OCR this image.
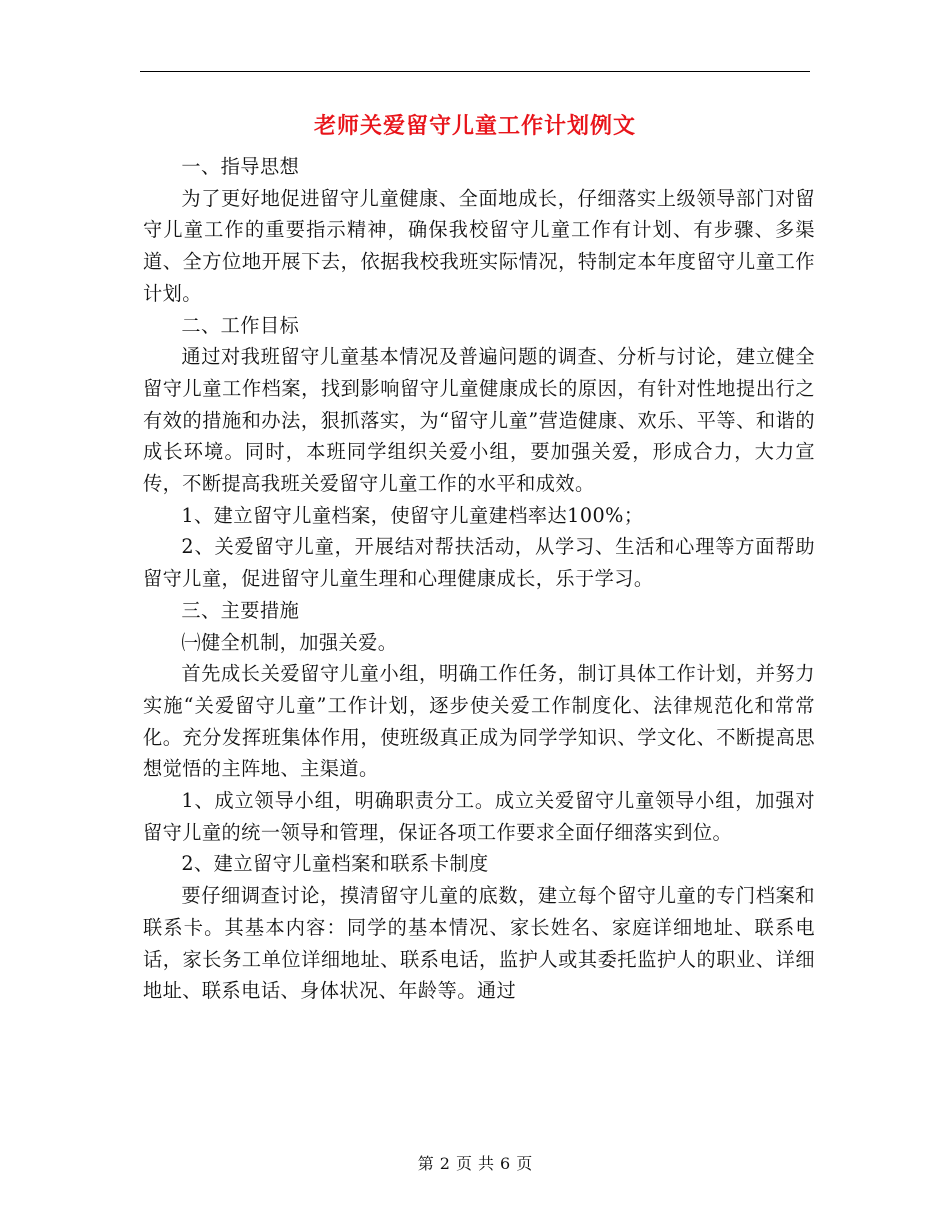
老师关爱留守儿童工作计划例文

一、指导思想

为了更好地促进留守儿童健康、全面地成长，仔细落实上级领导部门对留守儿童工作的重要指示精神，确保我校留守儿童工作有计划、有步骤、多渠道、全方位地开展下去，依据我校我班实际情况，特制定本年度留守儿童工作计划。

二、工作目标

通过对我班留守儿童基本情况及普遍问题的调查、分析与讨论，建立健全留守儿童工作档案，找到影响留守儿童健康成长的原因，有针对性地提出行之有效的措施和办法，狠抓落实，为“留守儿童”营造健康、欢乐、平等、和谐的成长环境。同时，本班同学组织关爱小组，要加强关爱，形成合力，大力宣传，不断提高我班关爱留守儿童工作的水平和成效。

1、建立留守儿童档案，使留守儿童建档率达100%；

2、关爱留守儿童，开展结对帮扶活动，从学习、生活和心理等方面帮助留守儿童，促进留守儿童生理和心理健康成长，乐于学习。

三、主要措施

㈠健全机制，加强关爱。

首先成长关爱留守儿童小组，明确工作任务，制订具体工作计划，并努力实施“关爱留守儿童”工作计划，逐步使关爱工作制度化、法律规范化和常常化。充分发挥班集体作用，使班级真正成为同学学知识、学文化、不断提高思想觉悟的主阵地、主渠道。

1、成立领导小组，明确职责分工。成立关爱留守儿童领导小组，加强对留守儿童的统一领导和管理，保证各项工作要求全面仔细落实到位。

2、建立留守儿童档案和联系卡制度

要仔细调查讨论，摸清留守儿童的底数，建立每个留守儿童的专门档案和联系卡。其基本内容：同学的基本情况、家长姓名、家庭详细地址、联系电话，家长务工单位详细地址、联系电话，监护人或其委托监护人的职业、详细地址、联系电话、身体状况、年龄等。通过

第 2 页 共 6 页
